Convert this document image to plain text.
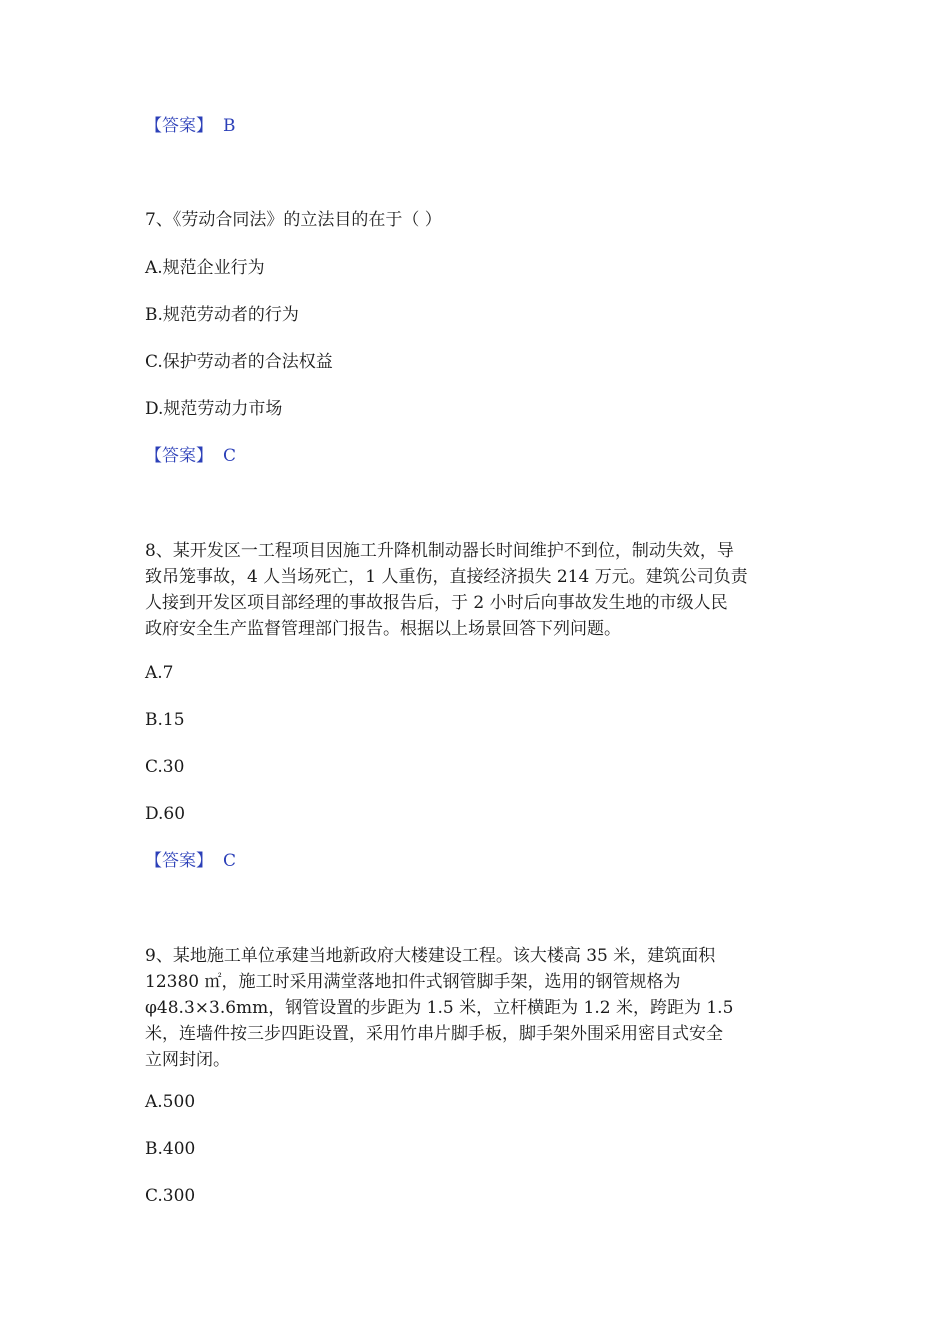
【答案】 B
7、《劳动合同法》的立法目的在于（ ）
A.规范企业行为
B.规范劳动者的行为
C.保护劳动者的合法权益
D.规范劳动力市场
【答案】 C
8、某开发区一工程项目因施工升降机制动器长时间维护不到位，制动失效，导
致吊笼事故，4 人当场死亡，1 人重伤，直接经济损失 214 万元。建筑公司负责
人接到开发区项目部经理的事故报告后，于 2 小时后向事故发生地的市级人民
政府安全生产监督管理部门报告。根据以上场景回答下列问题。
A.7
B.15
C.30
D.60
【答案】 C
9、某地施工单位承建当地新政府大楼建设工程。该大楼高 35 米，建筑面积
12380 ㎡，施工时采用满堂落地扣件式钢管脚手架，选用的钢管规格为
φ48.3×3.6mm，钢管设置的步距为 1.5 米，立杆横距为 1.2 米，跨距为 1.5
米，连墙件按三步四距设置，采用竹串片脚手板，脚手架外围采用密目式安全
立网封闭。
A.500
B.400
C.300
